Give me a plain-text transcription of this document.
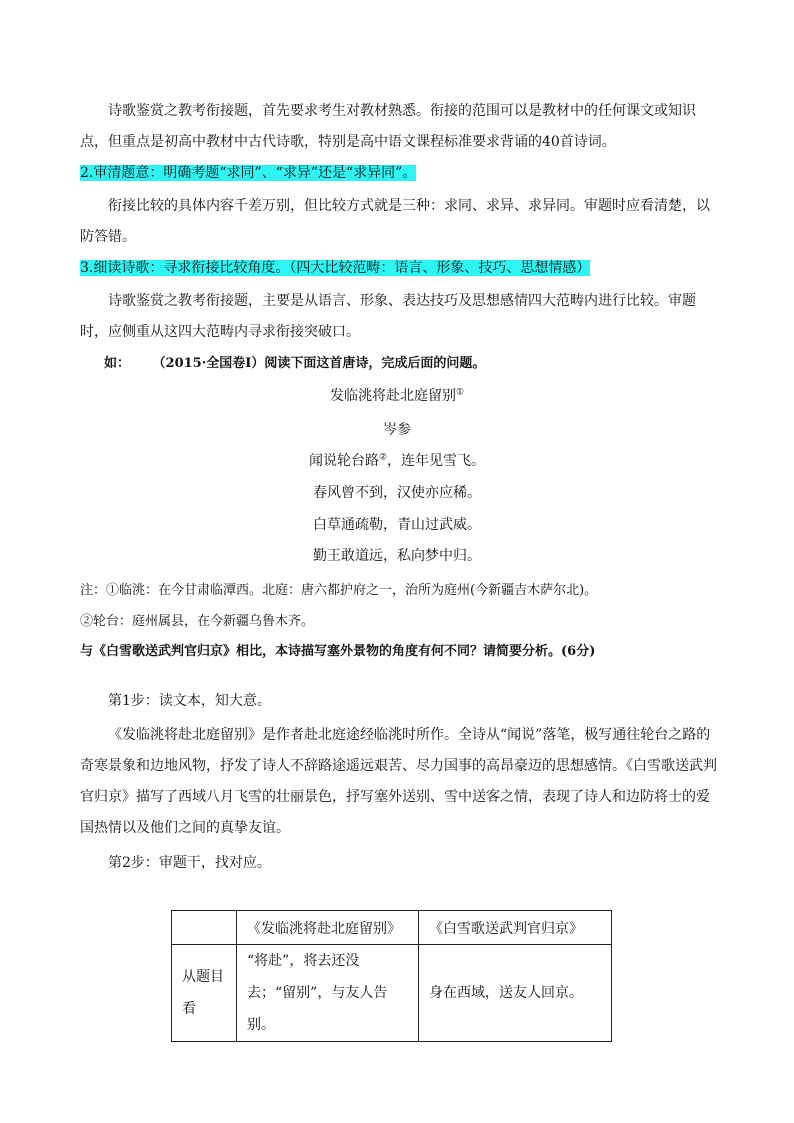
诗歌鉴赏之教考衔接题，首先要求考生对教材熟悉。衔接的范围可以是教材中的任何课文或知识点，但重点是初高中教材中古代诗歌，特别是高中语文课程标准要求背诵的40首诗词。

2.审清题意：明确考题“求同”、“求异”还是“求异同”。

衔接比较的具体内容千差万别，但比较方式就是三种：求同、求异、求异同。审题时应看清楚，以防答错。

3.细读诗歌：寻求衔接比较角度。（四大比较范畴：语言、形象、技巧、思想情感）

诗歌鉴赏之教考衔接题，主要是从语言、形象、表达技巧及思想感情四大范畴内进行比较。审题时，应侧重从这四大范畴内寻求衔接突破口。

如： （2015·全国卷Ⅰ）阅读下面这首唐诗，完成后面的问题。

发临洮将赴北庭留别①
岑参
闻说轮台路②，连年见雪飞。
春风曾不到，汉使亦应稀。
白草通疏勒，青山过武威。
勤王敢道远，私向梦中归。

注：①临洮：在今甘肃临潭西。北庭：唐六都护府之一，治所为庭州(今新疆吉木萨尔北)。

②轮台：庭州属县，在今新疆乌鲁木齐。

与《白雪歌送武判官归京》相比，本诗描写塞外景物的角度有何不同？请简要分析。(6分)

第1步：读文本，知大意。

《发临洮将赴北庭留别》是作者赴北庭途经临洮时所作。全诗从“闻说”落笔，极写通往轮台之路的奇寒景象和边地风物，抒发了诗人不辞路途遥远艰苦、尽力国事的高昂豪迈的思想感情。《白雪歌送武判官归京》描写了西域八月飞雪的壮丽景色，抒写塞外送别、雪中送客之情，表现了诗人和边防将士的爱国热情以及他们之间的真挚友谊。

第2步：审题干，找对应。

	《发临洮将赴北庭留别》	《白雪歌送武判官归京》
从题目看	“将赴”，将去还没去；“留别”，与友人告别。	身在西域，送友人回京。
